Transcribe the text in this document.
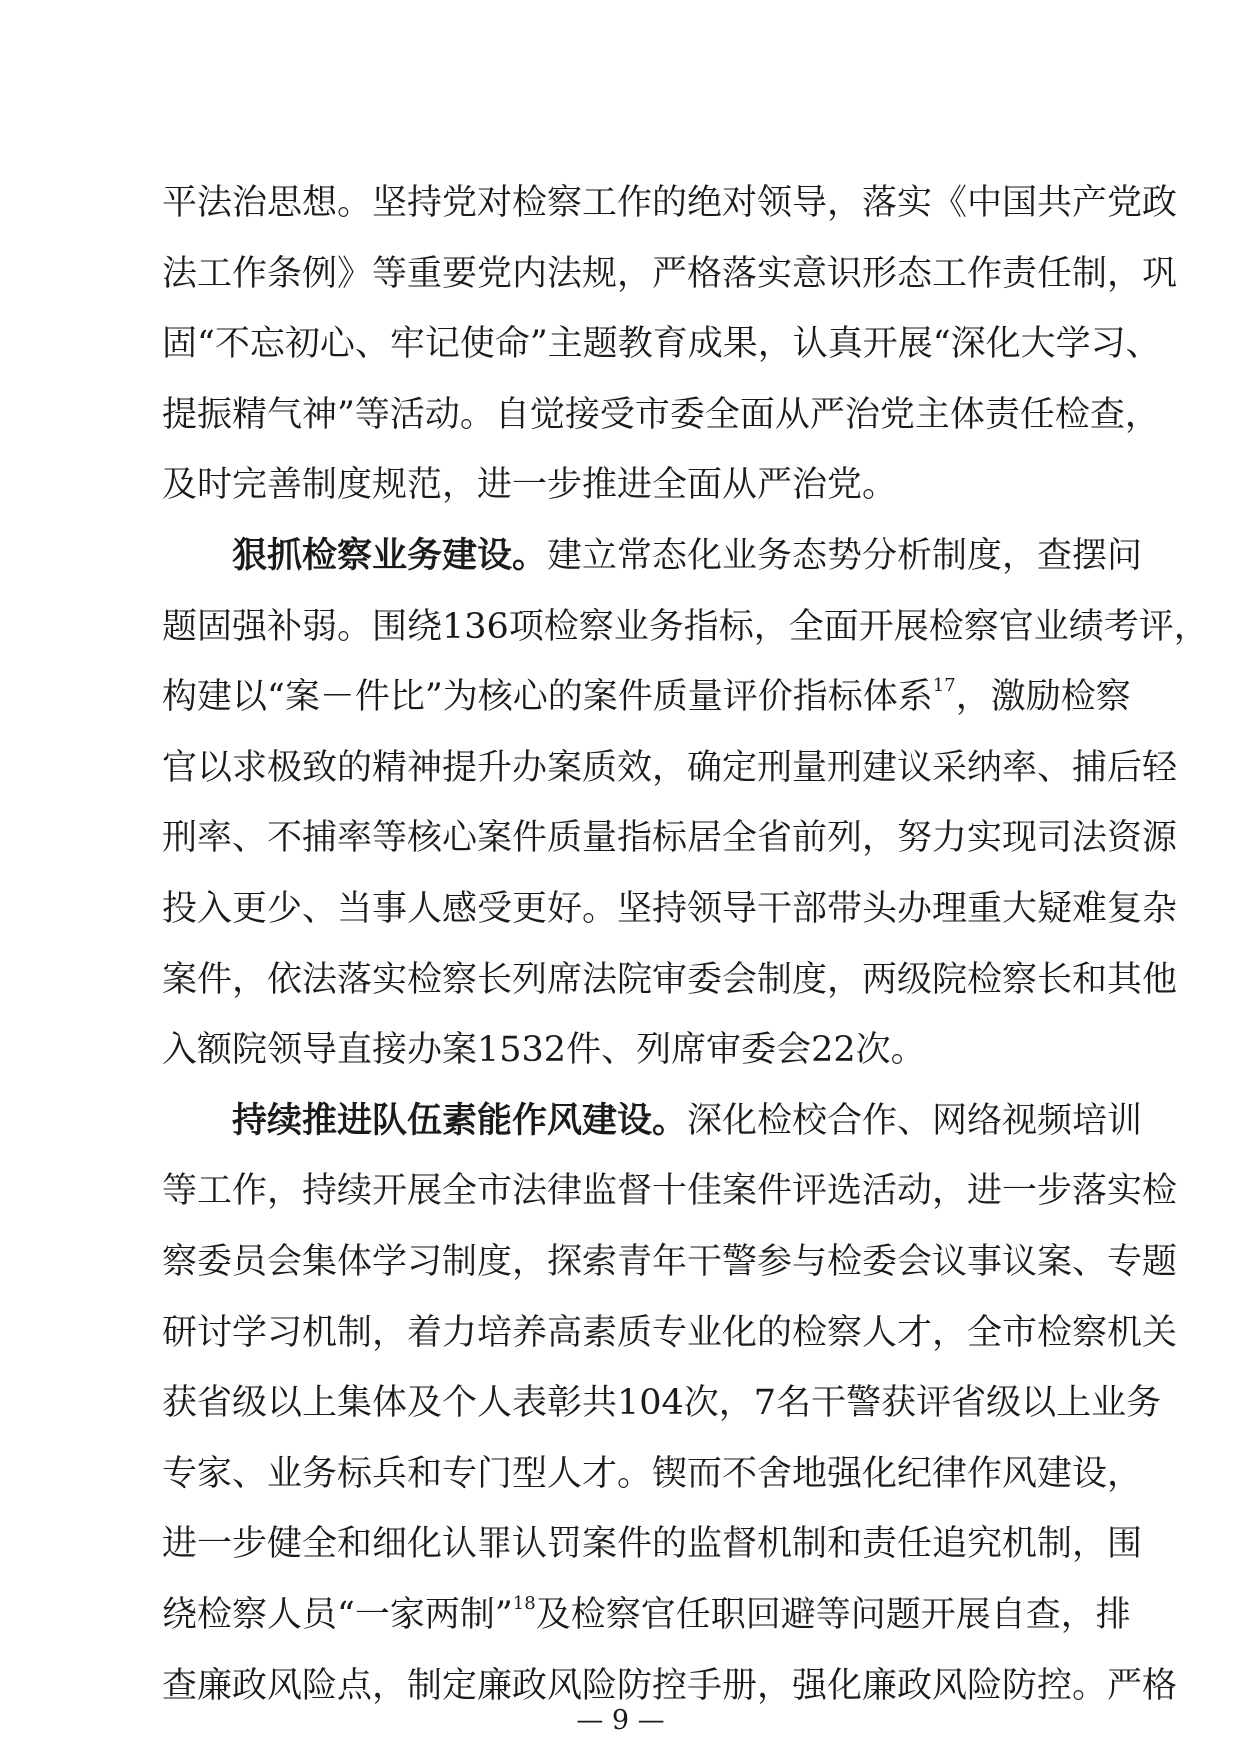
平法治思想。坚持党对检察工作的绝对领导，落实《中国共产党政
法工作条例》等重要党内法规，严格落实意识形态工作责任制，巩
固“不忘初心、牢记使命”主题教育成果，认真开展“深化大学习、
提振精气神”等活动。自觉接受市委全面从严治党主体责任检查，
及时完善制度规范，进一步推进全面从严治党。
狠抓检察业务建设。建立常态化业务态势分析制度，查摆问
题固强补弱。围绕136项检察业务指标，全面开展检察官业绩考评，
构建以“案－件比”为核心的案件质量评价指标体系$^{17}$，激励检察
官以求极致的精神提升办案质效，确定刑量刑建议采纳率、捕后轻
刑率、不捕率等核心案件质量指标居全省前列，努力实现司法资源
投入更少、当事人感受更好。坚持领导干部带头办理重大疑难复杂
案件，依法落实检察长列席法院审委会制度，两级院检察长和其他
入额院领导直接办案1532件、列席审委会22次。
持续推进队伍素能作风建设。深化检校合作、网络视频培训
等工作，持续开展全市法律监督十佳案件评选活动，进一步落实检
察委员会集体学习制度，探索青年干警参与检委会议事议案、专题
研讨学习机制，着力培养高素质专业化的检察人才，全市检察机关
获省级以上集体及个人表彰共104次，7名干警获评省级以上业务
专家、业务标兵和专门型人才。锲而不舍地强化纪律作风建设，
进一步健全和细化认罪认罚案件的监督机制和责任追究机制，围
绕检察人员“一家两制”$^{18}$及检察官任职回避等问题开展自查，排
查廉政风险点，制定廉政风险防控手册，强化廉政风险防控。严格
— 9 —
